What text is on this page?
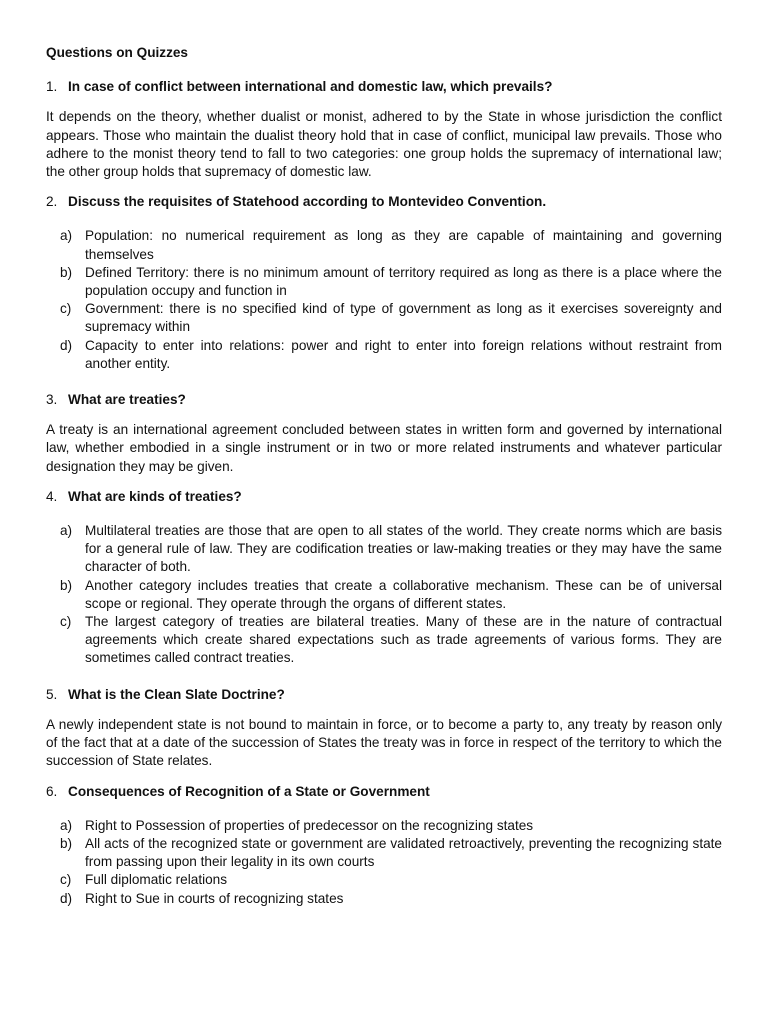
Questions on Quizzes
1. In case of conflict between international and domestic law, which prevails?

It depends on the theory, whether dualist or monist, adhered to by the State in whose jurisdiction the conflict appears. Those who maintain the dualist theory hold that in case of conflict, municipal law prevails. Those who adhere to the monist theory tend to fall to two categories: one group holds the supremacy of international law; the other group holds that supremacy of domestic law.

2. Discuss the requisites of Statehood according to Montevideo Convention.
a) Population: no numerical requirement as long as they are capable of maintaining and governing themselves
b) Defined Territory: there is no minimum amount of territory required as long as there is a place where the population occupy and function in
c)	Government: there is no specified kind of type of government as long as it exercises sovereignty and supremacy within
d) Capacity to enter into relations: power and right to enter into foreign relations without restraint from another entity.
3. What are treaties?

A treaty is an international agreement concluded between states in written form and governed by international law, whether embodied in a single instrument or in two or more related instruments and whatever particular designation they may be given.

4. What are kinds of treaties?
a) Multilateral treaties are those that are open to all states of the world. They create norms which are basis for a general rule of law. They are codification treaties or law-making treaties or they may have the same character of both.
b) Another category includes treaties that create a collaborative mechanism. These can be of universal scope or regional. They operate through the organs of different states.
c)	The largest category of treaties are bilateral treaties. Many of these are in the nature of contractual agreements which create shared expectations such as trade agreements of various forms. They are sometimes called contract treaties.
5. What is the Clean Slate Doctrine?

A newly independent state is not bound to maintain in force, or to become a party to, any treaty by reason only of the fact that at a date of the succession of States the treaty was in force in respect of the territory to which the succession of State relates.

6. Consequences of Recognition of a State or Government
a) Right to Possession of properties of predecessor on the recognizing states
b) All acts of the recognized state or government are validated retroactively, preventing the recognizing state from passing upon their legality in its own courts
c)	Full diplomatic relations
d) Right to Sue in courts of recognizing states
